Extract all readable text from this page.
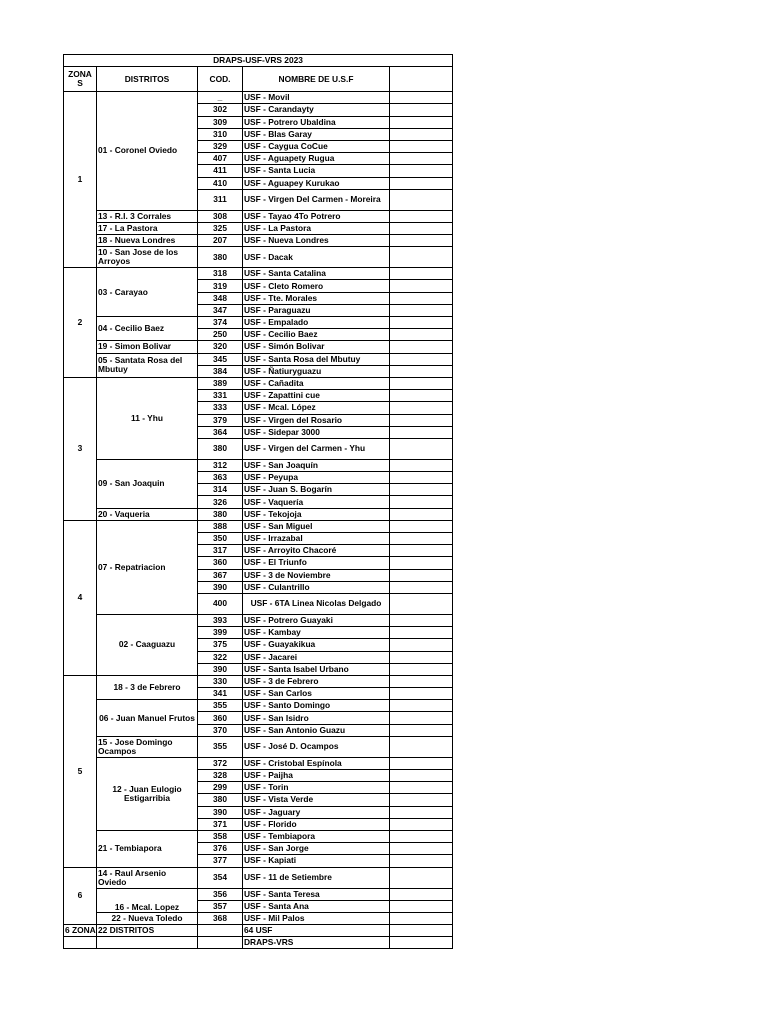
DRAPS-USF-VRS 2023				
ZONA S	DISTRITOS	COD.	NOMBRE DE U.S.F	
1	01 - Coronel Oviedo	_	USF - Movil	
		302	USF - Carandayty	
		309	USF - Potrero Ubaldina	
		310	USF - Blas Garay	
		329	USF - Caygua CoCue	
		407	USF - Aguapety Rugua	
		411	USF - Santa Lucia	
		410	USF - Aguapey Kurukao	
		311	USF - Virgen Del Carmen - Moreira	
	13 - R.I. 3 Corrales	308	USF - Tayao 4To Potrero	
	17 - La Pastora	325	USF - La Pastora	
	18 - Nueva Londres	207	USF - Nueva Londres	
	10 - San Jose de los Arroyos	380	USF - Dacak	
2	03 - Carayao	318	USF - Santa Catalina	
		319	USF - Cleto Romero	
		348	USF - Tte. Morales	
		347	USF - Paraguazu	
	04 - Cecilio Baez	374	USF - Empalado	
		250	USF - Cecilio Baez	
	19 - Simon Bolivar	320	USF - Simón Bolivar	
	05 - Santata Rosa del Mbutuy	345	USF - Santa Rosa del Mbutuy	
		384	USF - Ñatiuryguazu	
3	11 - Yhu	389	USF - Cañadita	
		331	USF - Zapattini cue	
		333	USF - Mcal. López	
		379	USF - Virgen del Rosario	
		364	USF - Sidepar 3000	
		380	USF - Virgen del Carmen - Yhu	
	09 - San Joaquin	312	USF - San Joaquín	
		363	USF - Peyupa	
		314	USF - Juan S. Bogarín	
		326	USF - Vaquería	
	20 - Vaqueria	380	USF - Tekojoja	
4	07 - Repatriacion	388	USF - San Miguel	
		350	USF - Irrazabal	
		317	USF - Arroyito Chacoré	
		360	USF - El Triunfo	
		367	USF - 3 de Noviembre	
		390	USF - Culantrillo	
		400	USF - 6TA Linea Nicolas Delgado	
	02 - Caaguazu	393	USF - Potrero Guayaki	
		399	USF - Kambay	
		375	USF - Guayakikua	
		322	USF - Jacarei	
		390	USF - Santa Isabel Urbano	
5	18 - 3 de Febrero	330	USF - 3 de Febrero	
		341	USF - San Carlos	
	06 - Juan Manuel Frutos	355	USF - Santo Domingo	
		360	USF - San Isidro	
		370	USF - San Antonio Guazu	
	15 - Jose Domingo Ocampos	355	USF - José D. Ocampos	
	12 - Juan Eulogio Estigarribia	372	USF - Cristobal Espínola	
		328	USF - Paijha	
		299	USF - Torin	
		380	USF - Vista Verde	
		390	USF - Jaguary	
		371	USF - Florido	
	21 - Tembiapora	358	USF - Tembiapora	
		376	USF - San Jorge	
		377	USF - Kapiati	
6	14 - Raul Arsenio Oviedo	354	USF - 11 de Setiembre	
	16 - Mcal. Lopez	356	USF - Santa Teresa	
		357	USF - Santa Ana	
	22 - Nueva Toledo	368	USF - Mil Palos	
6 ZONA	22 DISTRITOS		64 USF	
			DRAPS-VRS	
